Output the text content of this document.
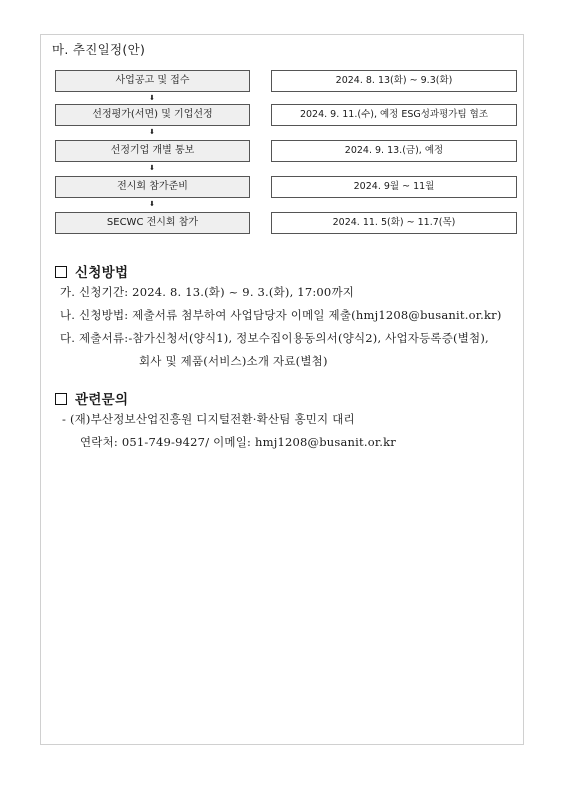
마. 추진일정(안)
사업공고 및 접수	2024. 8. 13(화) ~ 9.3(화)
⬇
선정평가(서면) 및 기업선정	2024. 9. 11.(수), 예정 ESG성과평가팀 협조
⬇
선정기업 개별 통보	2024. 9. 13.(금), 예정
⬇
전시회 참가준비	2024. 9월 ~ 11월
⬇
SECWC 전시회 참가	2024. 11. 5(화) ~ 11.7(목)
신청방법
가. 신청기간: 2024. 8. 13.(화) ~ 9. 3.(화), 17:00까지
나. 신청방법: 제출서류 첨부하여 사업담당자 이메일 제출(hmj1208@busanit.or.kr)
다. 제출서류:-참가신청서(양식1), 정보수집이용동의서(양식2), 사업자등록증(별첨),
회사 및 제품(서비스)소개 자료(별첨)
관련문의
- (재)부산정보산업진흥원 디지털전환·확산팀 홍민지 대리
연락처: 051-749-9427/ 이메일: hmj1208@busanit.or.kr
